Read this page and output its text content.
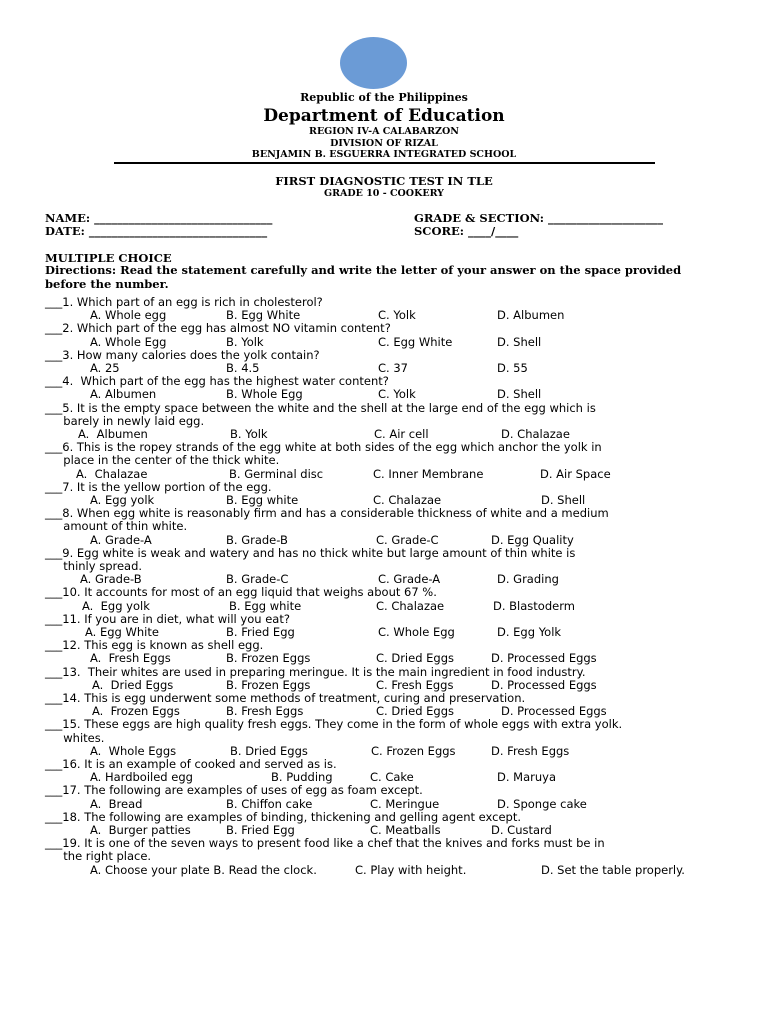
Republic of the Philippines
Department of Education
REGION IV-A CALABARZON
DIVISION OF RIZAL
BENJAMIN B. ESGUERRA INTEGRATED SCHOOL
FIRST DIAGNOSTIC TEST IN TLE
GRADE 10 - COOKERY
NAME: _______________________________
DATE: _______________________________
GRADE & SECTION: ____________________
SCORE: ____/____
MULTIPLE CHOICE
Directions: Read the statement carefully and write the letter of your answer on the space provided before the number.
___1. Which part of an egg is rich in cholesterol?
A. Whole egg	B. Egg White	C. Yolk	D. Albumen
___2. Which part of the egg has almost NO vitamin content?
A. Whole Egg	B. Yolk	C. Egg White	D. Shell
___3. How many calories does the yolk contain?
A. 25	B. 4.5	C. 37	D. 55
___4.  Which part of the egg has the highest water content?
A. Albumen	B. Whole Egg	C. Yolk	D. Shell
___5. It is the empty space between the white and the shell at the large end of the egg which is
barely in newly laid egg.
A.  Albumen	B. Yolk	C. Air cell	D. Chalazae
___6. This is the ropey strands of the egg white at both sides of the egg which anchor the yolk in
place in the center of the thick white.
A.  Chalazae	B. Germinal disc	C. Inner Membrane	D. Air Space
___7. It is the yellow portion of the egg.
A. Egg yolk	B. Egg white	C. Chalazae	D. Shell
___8. When egg white is reasonably firm and has a considerable thickness of white and a medium
amount of thin white.
A. Grade-A	B. Grade-B	C. Grade-C	D. Egg Quality
___9. Egg white is weak and watery and has no thick white but large amount of thin white is
thinly spread.
A. Grade-B	B. Grade-C	C. Grade-A	D. Grading
___10. It accounts for most of an egg liquid that weighs about 67 %.
A.  Egg yolk	B. Egg white	C. Chalazae	D. Blastoderm
___11. If you are in diet, what will you eat?
A. Egg White	B. Fried Egg	C. Whole Egg	D. Egg Yolk
___12. This egg is known as shell egg.
A.  Fresh Eggs	B. Frozen Eggs	C. Dried Eggs	D. Processed Eggs
___13.  Their whites are used in preparing meringue. It is the main ingredient in food industry.
A.  Dried Eggs	B. Frozen Eggs	C. Fresh Eggs	D. Processed Eggs
___14. This is egg underwent some methods of treatment, curing and preservation.
A.  Frozen Eggs	B. Fresh Eggs	C. Dried Eggs	D. Processed Eggs
___15. These eggs are high quality fresh eggs. They come in the form of whole eggs with extra yolk.
whites.
A.  Whole Eggs	B. Dried Eggs	C. Frozen Eggs	D. Fresh Eggs
___16. It is an example of cooked and served as is.
A. Hardboiled egg	B. Pudding	C. Cake	D. Maruya
___17. The following are examples of uses of egg as foam except.
A.  Bread	B. Chiffon cake	C. Meringue	D. Sponge cake
___18. The following are examples of binding, thickening and gelling agent except.
A.  Burger patties	B. Fried Egg	C. Meatballs	D. Custard
___19. It is one of the seven ways to present food like a chef that the knives and forks must be in
the right place.
A. Choose your plate B. Read the clock.	C. Play with height.	D. Set the table properly.
